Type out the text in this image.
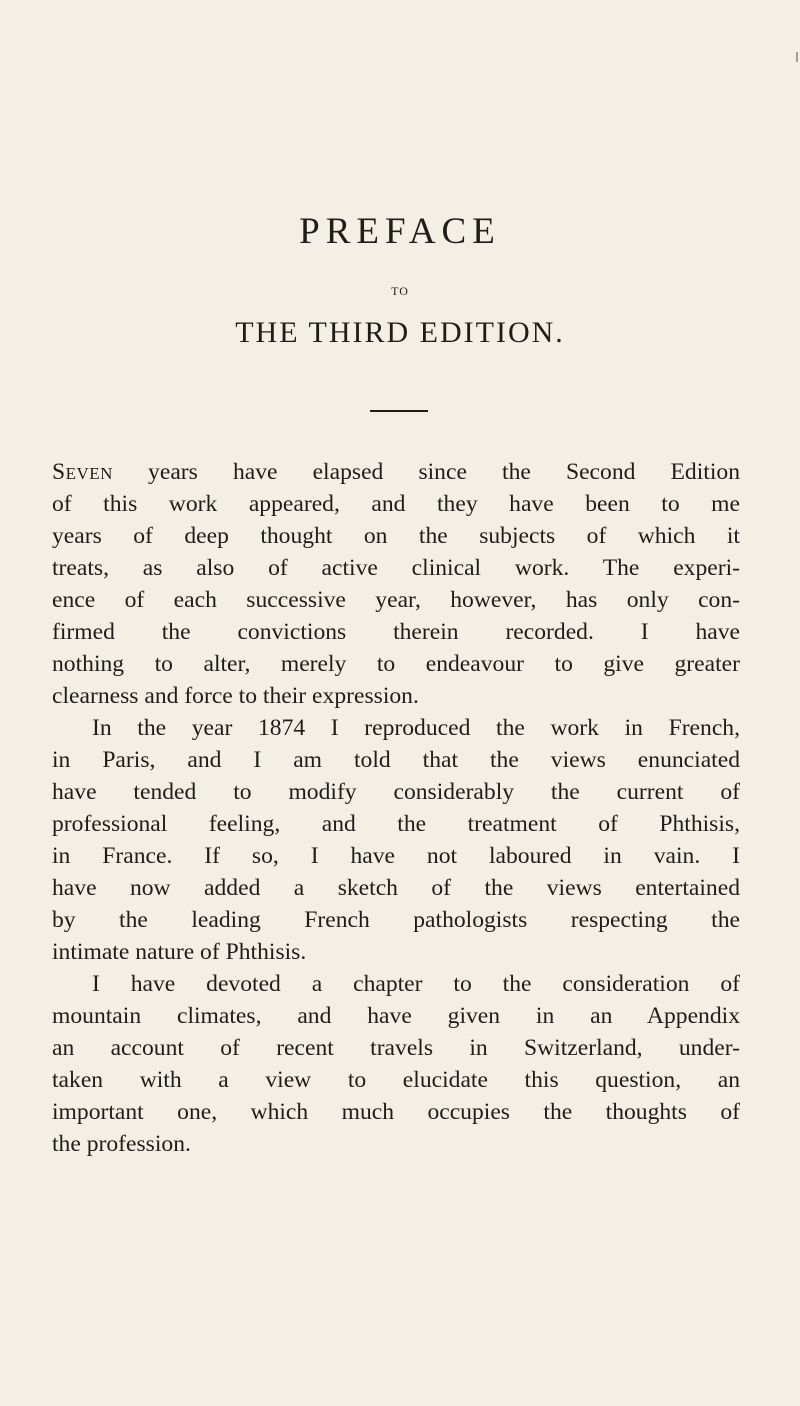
PREFACE
TO
THE THIRD EDITION.

Seven years have elapsed since the Second Edition
of this work appeared, and they have been to me
years of deep thought on the subjects of which it
treats, as also of active clinical work. The experi-
ence of each successive year, however, has only con-
firmed the convictions therein recorded. I have
nothing to alter, merely to endeavour to give greater
clearness and force to their expression.

In the year 1874 I reproduced the work in French,
in Paris, and I am told that the views enunciated
have tended to modify considerably the current of
professional feeling, and the treatment of Phthisis,
in France. If so, I have not laboured in vain. I
have now added a sketch of the views entertained
by the leading French pathologists respecting the
intimate nature of Phthisis.

I have devoted a chapter to the consideration of
mountain climates, and have given in an Appendix
an account of recent travels in Switzerland, under-
taken with a view to elucidate this question, an
important one, which much occupies the thoughts of
the profession.
